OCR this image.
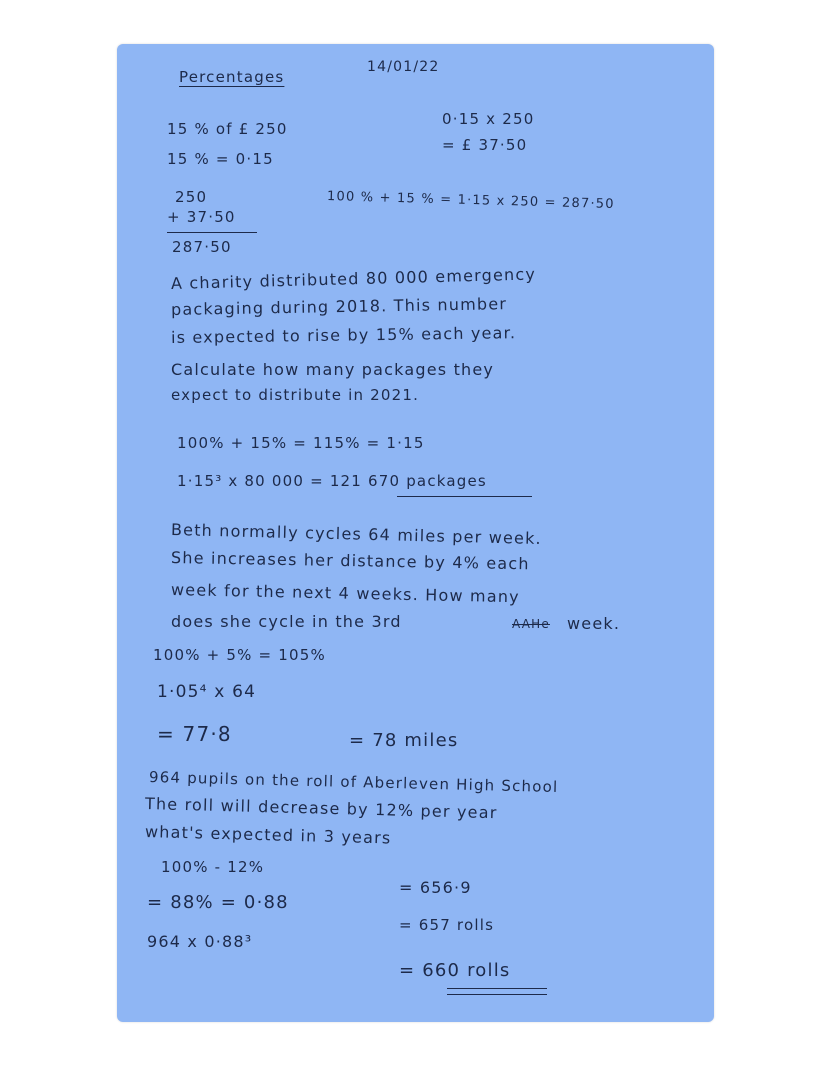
Percentages
14/01/22
15 % of £ 250
15 % = 0·15
0·15 x 250
= £ 37·50
250
+ 37·50
287·50
100 % + 15 % = 1·15 x 250 = 287·50
A charity distributed 80 000 emergency
packaging during 2018. This number
is expected to rise by 15% each year.
Calculate how many packages they
expect to distribute in 2021.
100% + 15% = 115% = 1·15
1·15³ x 80 000 = 121 670 packages
Beth normally cycles 64 miles per week.
She increases her distance by 4% each
week for the next 4 weeks. How many
does she cycle in the 3rd	AAHe week.
100% + 5% = 105%
1·05⁴ x 64
= 77·8	= 78 miles
964 pupils on the roll of Aberleven High School
The roll will decrease by 12% per year
what's expected in 3 years
100% - 12%
= 88% = 0·88
964 x 0·88³
= 656·9
= 657 rolls
= 660 rolls
